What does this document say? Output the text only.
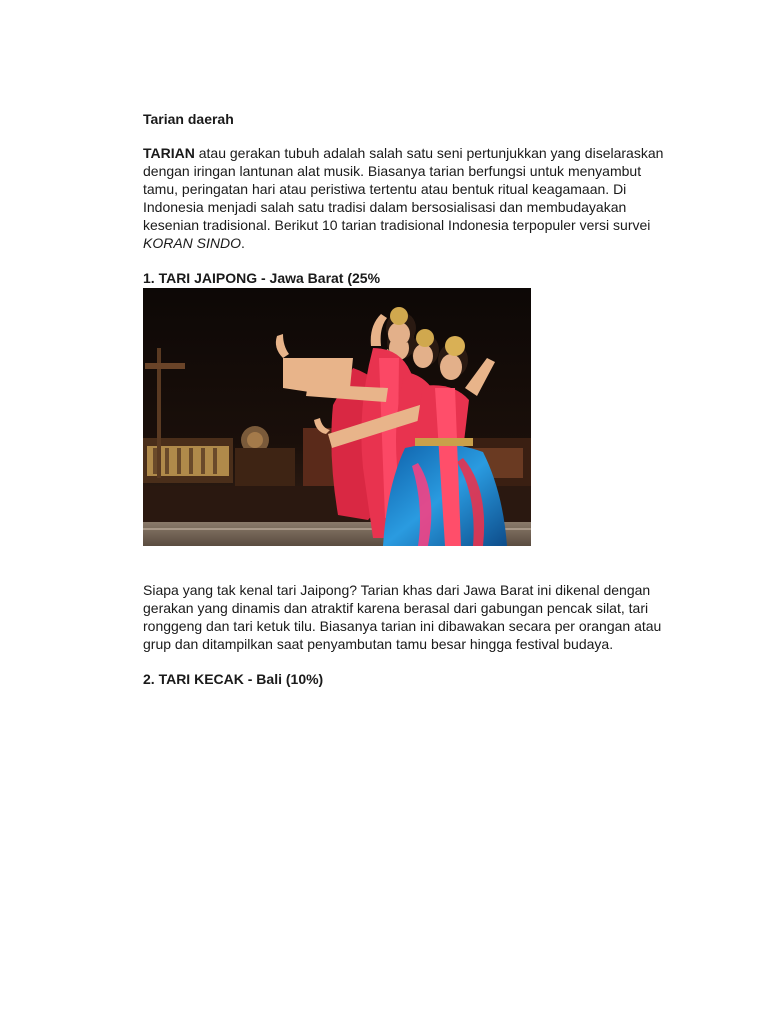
Tarian daerah

TARIAN atau gerakan tubuh adalah salah satu seni pertunjukkan yang diselaraskan dengan iringan lantunan alat musik. Biasanya tarian berfungsi untuk menyambut tamu, peringatan hari atau peristiwa tertentu atau bentuk ritual keagamaan. Di Indonesia menjadi salah satu tradisi dalam bersosialisasi dan membudayakan kesenian tradisional. Berikut 10 tarian tradisional Indonesia terpopuler versi survei KORAN SINDO.

1. TARI JAIPONG - Jawa Barat (25%

Siapa yang tak kenal tari Jaipong? Tarian khas dari Jawa Barat ini dikenal dengan gerakan yang dinamis dan atraktif karena berasal dari gabungan pencak silat, tari ronggeng dan tari ketuk tilu. Biasanya tarian ini dibawakan secara per orangan atau grup dan ditampilkan saat penyambutan tamu besar hingga festival budaya.

2. TARI KECAK - Bali (10%)
